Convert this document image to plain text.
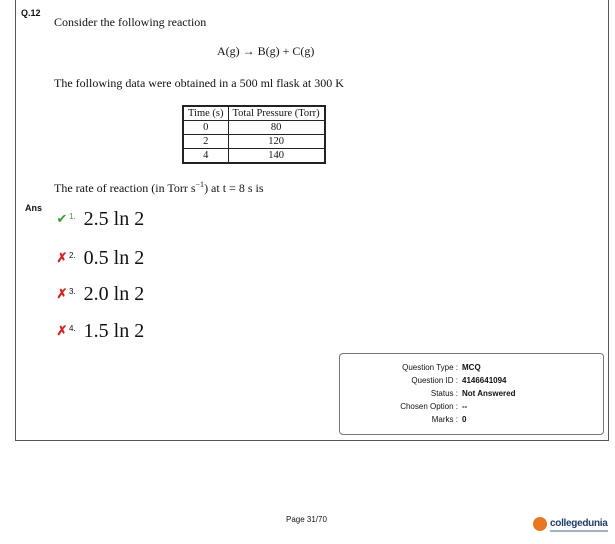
Q.12
Consider the following reaction
A(g) → B(g) + C(g)
The following data were obtained in a 500 ml flask at 300 K
Time (s)	Total Pressure (Torr)
0	80
2	120
4	140
The rate of reaction (in Torr $s^{-1}$) at t = 8 s is
Ans
✔ 1. 2.5 ln 2
✗ 2. 0.5 ln 2
✗ 3. 2.0 ln 2
✗ 4. 1.5 ln 2
Question Type : MCQ
Question ID : 4146641094
Status : Not Answered
Chosen Option : --
Marks : 0
Page 31/70	collegedunia
